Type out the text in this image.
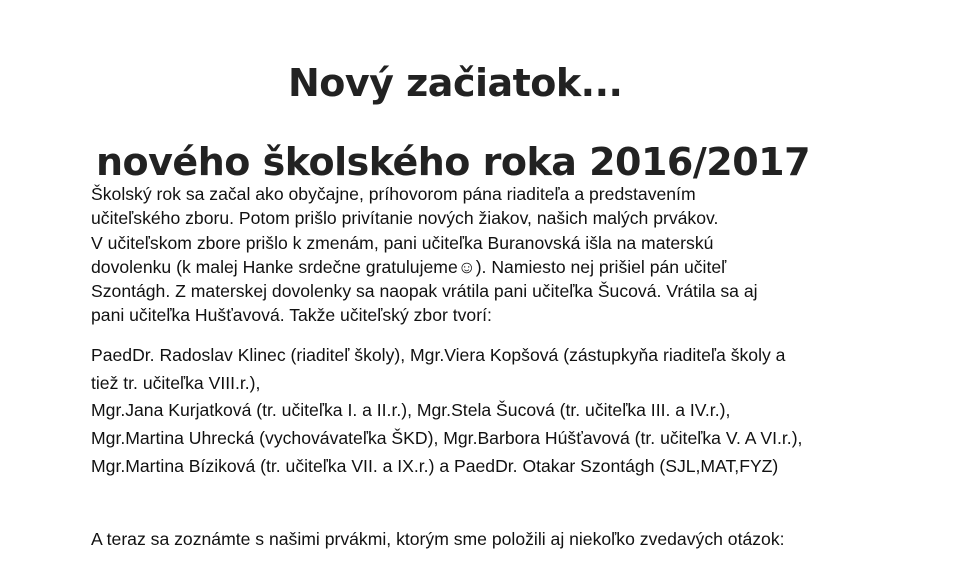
Nový začiatok...
nového školského roka 2016/2017

Školský rok sa začal ako obyčajne, príhovorom pána riaditeľa a predstavením
učiteľského zboru. Potom prišlo privítanie nových žiakov, našich malých prvákov.
V učiteľskom zbore prišlo k zmenám, pani učiteľka Buranovská išla na materskú
dovolenku (k malej Hanke srdečne gratulujeme☺). Namiesto nej prišiel pán učiteľ
Szontágh. Z materskej dovolenky sa naopak vrátila pani učiteľka Šucová. Vrátila sa aj
pani učiteľka Hušťavová. Takže učiteľský zbor tvorí:

PaedDr. Radoslav Klinec (riaditeľ školy), Mgr.Viera Kopšová (zástupkyňa riaditeľa školy a
tiež tr. učiteľka VIII.r.),
Mgr.Jana Kurjatková (tr. učiteľka I. a II.r.), Mgr.Stela Šucová (tr. učiteľka III. a IV.r.),
Mgr.Martina Uhrecká (vychovávateľka ŠKD), Mgr.Barbora Húšťavová (tr. učiteľka V. A VI.r.),
Mgr.Martina Bíziková (tr. učiteľka VII. a IX.r.) a PaedDr. Otakar Szontágh (SJL,MAT,FYZ)

A teraz sa zoznámte s našimi prvákmi, ktorým sme položili aj niekoľko zvedavých otázok:
